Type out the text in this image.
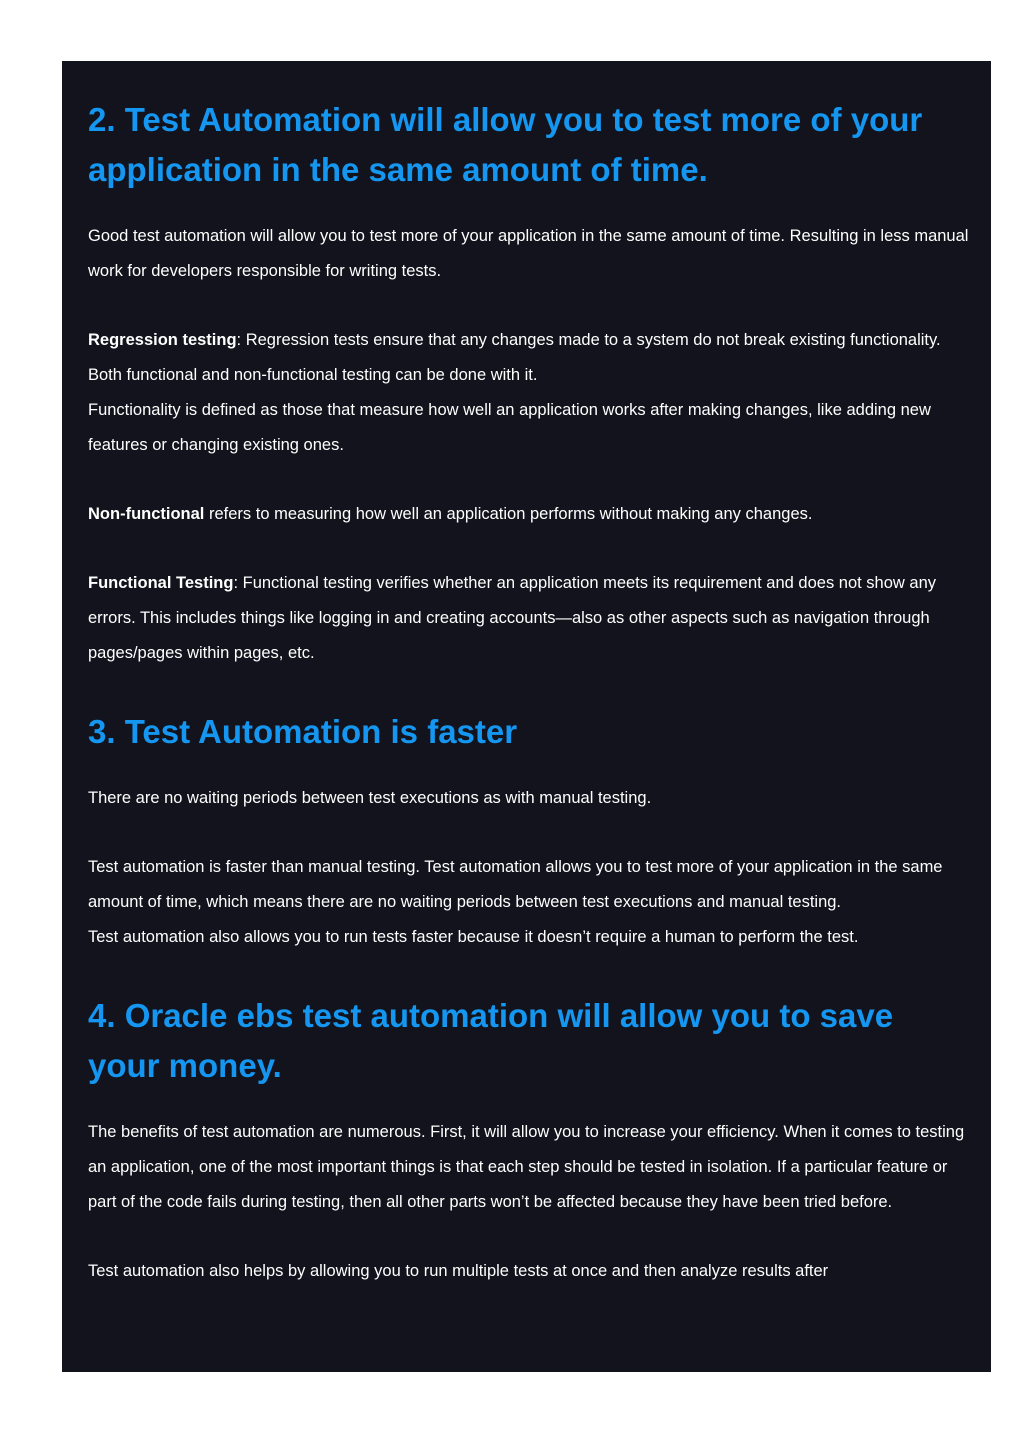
2. Test Automation will allow you to test more of your application in the same amount of time.

Good test automation will allow you to test more of your application in the same amount of time. Resulting in less manual work for developers responsible for writing tests.

Regression testing: Regression tests ensure that any changes made to a system do not break existing functionality. Both functional and non-functional testing can be done with it.

Functionality is defined as those that measure how well an application works after making changes, like adding new features or changing existing ones.

Non-functional refers to measuring how well an application performs without making any changes.

Functional Testing: Functional testing verifies whether an application meets its requirement and does not show any errors. This includes things like logging in and creating accounts—also as other aspects such as navigation through pages/pages within pages, etc.

3. Test Automation is faster

There are no waiting periods between test executions as with manual testing.

Test automation is faster than manual testing. Test automation allows you to test more of your application in the same amount of time, which means there are no waiting periods between test executions and manual testing.

Test automation also allows you to run tests faster because it doesn’t require a human to perform the test.

4. Oracle ebs test automation will allow you to save your money.

The benefits of test automation are numerous. First, it will allow you to increase your efficiency. When it comes to testing an application, one of the most important things is that each step should be tested in isolation. If a particular feature or part of the code fails during testing, then all other parts won’t be affected because they have been tried before.

Test automation also helps by allowing you to run multiple tests at once and then analyze results after
